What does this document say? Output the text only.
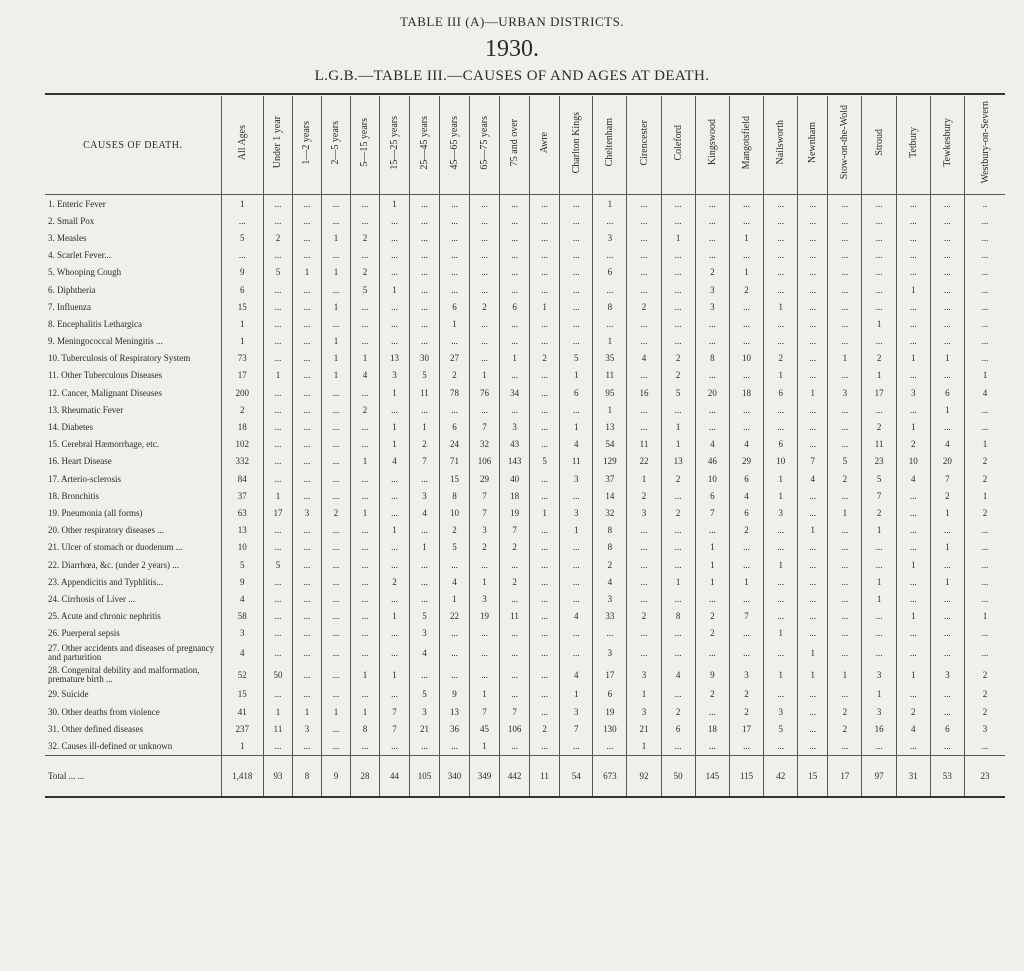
TABLE III (A)—URBAN DISTRICTS.
1930.
L.G.B.—TABLE III.—CAUSES OF AND AGES AT DEATH.
CAUSES OF DEATH.	All Ages	Under 1 year	1—2 years	2—5 years	5—15 years	15—25 years	25—45 years	45—65 years	65—75 years	75 and over	Awre	Charlton Kings	Cheltenham	Cirencester	Coleford	Kingswood	Mangotsfield	Nailsworth	Newnham	Stow-on-the-Wold	Stroud	Tetbury	Tewkesbury	Westbury-on-Severn
1. Enteric Fever	1	...	...	...	...	1	...	...	...	...	...	...	1	...	...	...	...	...	...	...	...	...	...	..
2. Small Pox	...	...	...	...	...	...	...	...	...	...	...	...	...	...	...	...	...	...	...	...	...	...	...	...
3. Measles	5	2	...	1	2	...	...	...	...	...	...	...	3	...	1	...	1	...	...	...	...	...	...	...
4. Scarlet Fever...	...	...	...	...	...	...	...	...	...	...	...	...	...	...	...	...	...	...	...	...	...	...	...	...
5. Whooping Cough	9	5	1	1	2	...	...	...	...	...	...	...	6	...	...	2	1	...	...	...	...	...	...	...
6. Diphtheria	6	...	...	...	5	1	...	...	...	...	...	...	...	...	...	3	2	...	...	...	...	1	...	...
7. Influenza	15	...	...	1	...	...	...	6	2	6	1	...	8	2	...	3	...	1	...	...	...	...	...	...
8. Encephalitis Lethargica	1	...	...	...	...	...	...	1	...	...	...	...	...	...	...	...	...	...	...	...	1	...	...	...
9. Meningococcal Meningitis ...	1	...	...	1	...	...	...	...	...	...	...	...	1	...	...	...	...	...	...	...	...	...	...	...
10. Tuberculosis of Respiratory System	73	...	...	1	1	13	30	27	...	1	2	5	35	4	2	8	10	2	...	1	2	1	1	...
11. Other Tuberculous Diseases	17	1	...	1	4	3	5	2	1	...	...	1	11	...	2	...	...	1	...	...	1	...	...	1
12. Cancer, Malignant Diseases	200	...	...	...	...	1	11	78	76	34	...	6	95	16	5	20	18	6	1	3	17	3	6	4
13. Rheumatic Fever	2	...	...	...	2	...	...	...	...	...	...	...	1	...	...	...	...	...	...	...	...	...	1	...
14. Diabetes	18	...	...	...	...	1	1	6	7	3	...	1	13	...	1	...	...	...	...	...	2	1	...	...
15. Cerebral Hæmorrhage, etc.	102	...	...	...	...	1	2	24	32	43	...	4	54	11	1	4	4	6	...	...	11	2	4	1
16. Heart Disease	332	...	...	...	1	4	7	71	106	143	5	11	129	22	13	46	29	10	7	5	23	10	20	2
17. Arterio-sclerosis	84	...	...	...	...	...	...	15	29	40	...	3	37	1	2	10	6	1	4	2	5	4	7	2
18. Bronchitis	37	1	...	...	...	...	3	8	7	18	...	...	14	2	...	6	4	1	...	...	7	...	2	1
19. Pneumonia (all forms)	63	17	3	2	1	...	4	10	7	19	1	3	32	3	2	7	6	3	...	1	2	...	1	2
20. Other respiratory diseases ...	13	...	...	...	...	1	...	2	3	7	...	1	8	...	...	...	2	...	1	...	1	...	...	...
21. Ulcer of stomach or duodenum ...	10	...	...	...	...	...	1	5	2	2	...	...	8	...	...	1	...	...	...	...	...	...	1	...
22. Diarrhœa, &c. (under 2 years) ...	5	5	...	...	...	...	...	...	...	...	...	...	2	...	...	1	...	1	...	...	...	1	...	...
23. Appendicitis and Typhlitis...	9	...	...	...	...	2	...	4	1	2	...	...	4	...	1	1	1	...	...	...	1	...	1	...
24. Cirrhosis of Liver ...	4	...	...	...	...	...	...	1	3	...	...	...	3	...	...	...	...	...	...	...	1	...	...	...
25. Acute and chronic nephritis	58	...	...	...	...	1	5	22	19	11	...	4	33	2	8	2	7	...	...	...	...	1	...	1
26. Puerperal sepsis	3	...	...	...	...	...	3	...	...	...	...	...	...	...	...	2	...	1	...	...	...	...	...	...
27. Other accidents and diseases of pregnancy and parturition	4	...	...	...	...	...	4	...	...	...	...	...	3	...	...	...	...	...	1	...	...	...	...	...
28. Congenital debility and malformation, premature birth ...	52	50	...	...	1	1	...	...	...	...	...	4	17	3	4	9	3	1	1	1	3	1	3	2
29. Suicide	15	...	...	...	...	...	5	9	1	...	...	1	6	1	...	2	2	...	...	...	1	...	...	2
30. Other deaths from violence	41	1	1	1	1	7	3	13	7	7	...	3	19	3	2	...	2	3	...	2	3	2	...	2
31. Other defined diseases	237	11	3	...	8	7	21	36	45	106	2	7	130	21	6	18	17	5	...	2	16	4	6	3
32. Causes ill-defined or unknown	1	...	...	...	...	...	...	...	1	...	...	...	...	1	...	...	...	...	...	...	...	...	...	...
Total ... ...	1,418	93	8	9	28	44	105	340	349	442	11	54	673	92	50	145	115	42	15	17	97	31	53	23
